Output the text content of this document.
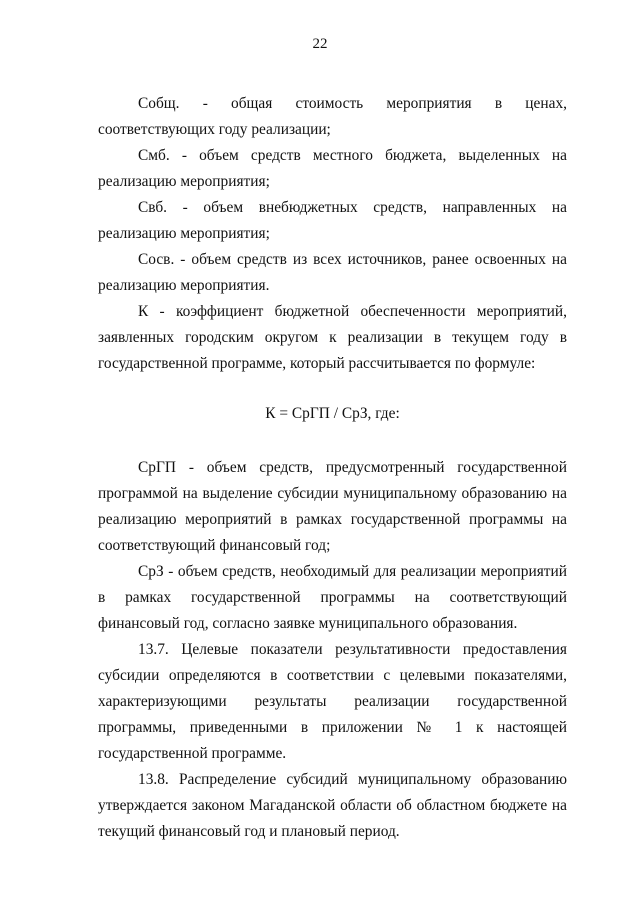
22

Собщ. - общая стоимость мероприятия в ценах, соответствующих году реализации;

Смб. - объем средств местного бюджета, выделенных на реализацию мероприятия;

Свб. - объем внебюджетных средств, направленных на реализацию мероприятия;

Сосв. - объем средств из всех источников, ранее освоенных на реализацию мероприятия.

К - коэффициент бюджетной обеспеченности мероприятий, заявленных городским округом к реализации в текущем году в государственной программе, который рассчитывается по формуле:

К = СрГП / СрЗ, где:

СрГП - объем средств, предусмотренный государственной программой на выделение субсидии муниципальному образованию на реализацию мероприятий в рамках государственной программы на соответствующий финансовый год;

СрЗ - объем средств, необходимый для реализации мероприятий в рамках государственной программы на соответствующий финансовый год, согласно заявке муниципального образования.

13.7. Целевые показатели результативности предоставления субсидии определяются в соответствии с целевыми показателями, характеризующими результаты реализации государственной программы, приведенными в приложении № 1 к настоящей государственной программе.

13.8. Распределение субсидий муниципальному образованию утверждается законом Магаданской области об областном бюджете на текущий финансовый год и плановый период.
